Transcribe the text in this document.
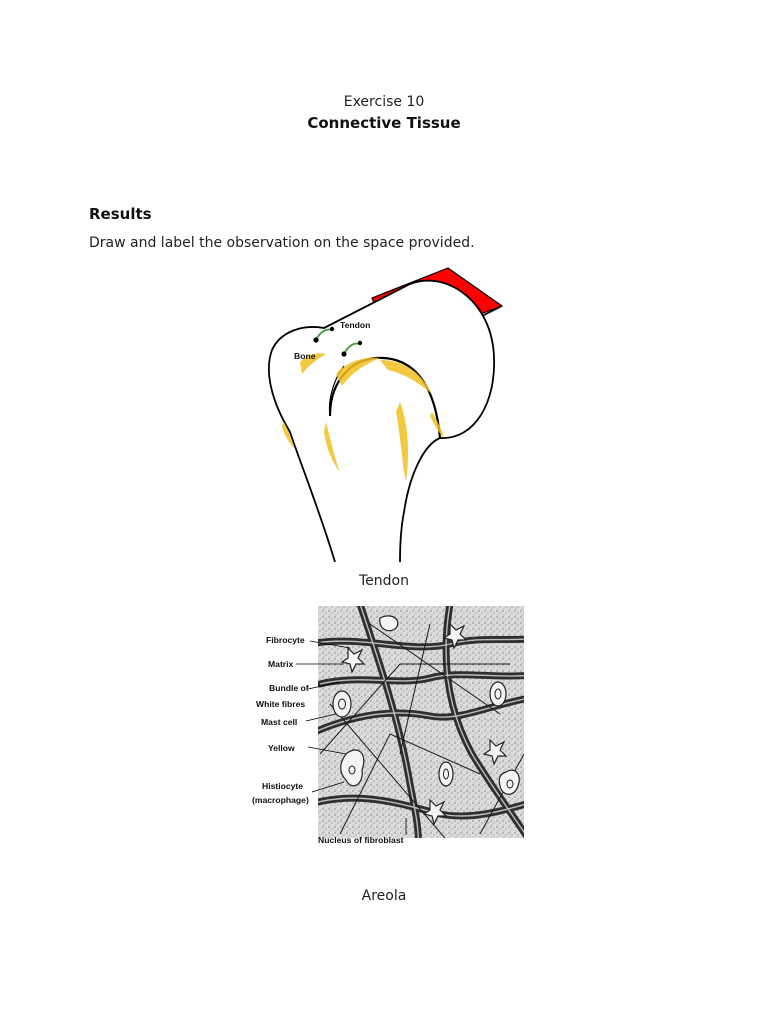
Exercise 10
Connective Tissue
Results
Draw and label the observation on the space provided.
Tendon
Bone
Tendon
Fibrocyte
Matrix
Bundle of
White fibres
Mast cell
Yellow
Histiocyte
(macrophage)
Nucleus of fibroblast
Areola
